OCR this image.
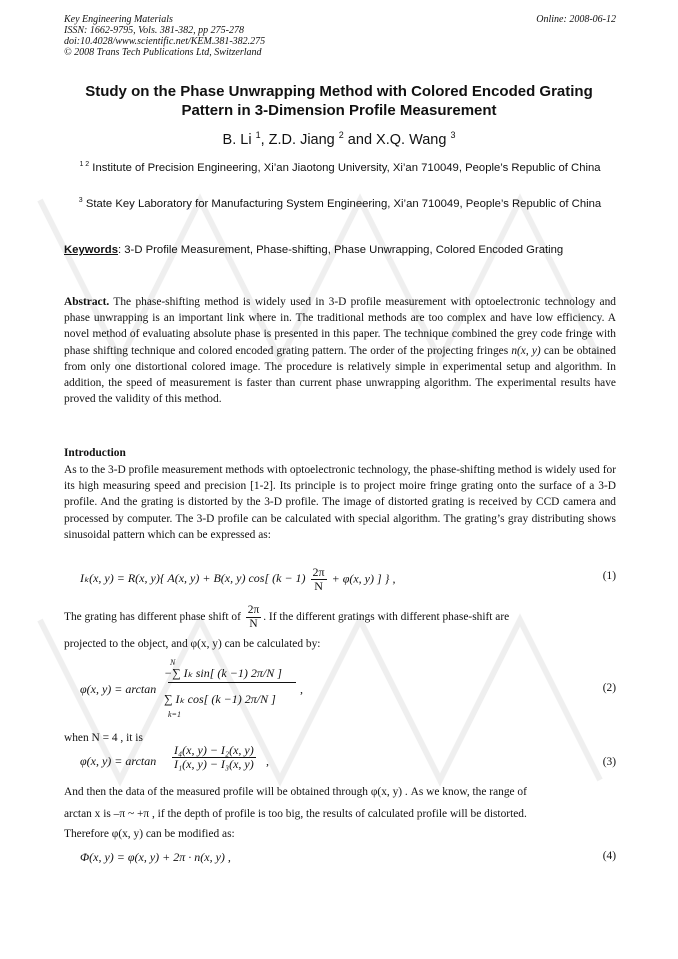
Key Engineering Materials
ISSN: 1662-9795, Vols. 381-382, pp 275-278
doi:10.4028/www.scientific.net/KEM.381-382.275
© 2008 Trans Tech Publications Ltd, Switzerland
Online: 2008-06-12
Study on the Phase Unwrapping Method with Colored Encoded Grating Pattern in 3-Dimension Profile Measurement
B. Li $^1$, Z.D. Jiang $^2$ and X.Q. Wang $^3$
$^{1 2}$ Institute of Precision Engineering, Xi’an Jiaotong University, Xi’an 710049, People’s Republic of China
$^3$ State Key Laboratory for Manufacturing System Engineering, Xi’an 710049, People’s Republic of China
Keywords: 3-D Profile Measurement, Phase-shifting, Phase Unwrapping, Colored Encoded Grating
Abstract. The phase-shifting method is widely used in 3-D profile measurement with optoelectronic technology and phase unwrapping is an important link where in. The traditional methods are too complex and have low efficiency. A novel method of evaluating absolute phase is presented in this paper. The technique combined the grey code fringe with phase shifting technique and colored encoded grating pattern. The order of the projecting fringes n(x, y) can be obtained from only one distortional colored image. The procedure is relatively simple in experimental setup and algorithm. In addition, the speed of measurement is faster than current phase unwrapping algorithm. The experimental results have proved the validity of this method.
Introduction
As to the 3-D profile measurement methods with optoelectronic technology, the phase-shifting method is widely used for its high measuring speed and precision [1-2]. Its principle is to project moire fringe grating onto the surface of a 3-D profile. And the grating is distorted by the 3-D profile. The image of distorted grating is received by CCD camera and processed by computer. The 3-D profile can be calculated with special algorithm. The grating’s gray distributing shows sinusoidal pattern which can be expressed as:
Iₖ(x, y) = R(x, y){ A(x, y) + B(x, y) cos[ $(k - 1) \frac{2\pi}{N} + \varphi(x$, y) ] } ,	(1)
The grating has different phase shift of $\frac{2\pi}{N}$ . If the different gratings with different phase-shift are
projected to the object, and φ(x, y) can be calculated by:
φ(x, y) = arctan
N
−∑ Iₖ sin[ (k −1) 2π/N ]
∑ Iₖ cos[ (k −1) 2π/N ]
k=1
,	(2)
when N = 4 , it is
φ(x, $y) = \arctan \frac{\text{I₄(x, y) − I₂(x, y)}}{\text{I₁(x, y) − I₃(x, y)}}$ ,	(3)
And then the data of the measured profile will be obtained through φ(x, y) . As we know, the range of
arctan x is –π ~ +π , if the depth of profile is too big, the results of calculated profile will be distorted.
Therefore φ(x, y) can be modified as:
Φ(x, y) = φ(x, y) + 2π · n(x, y) ,	(4)
